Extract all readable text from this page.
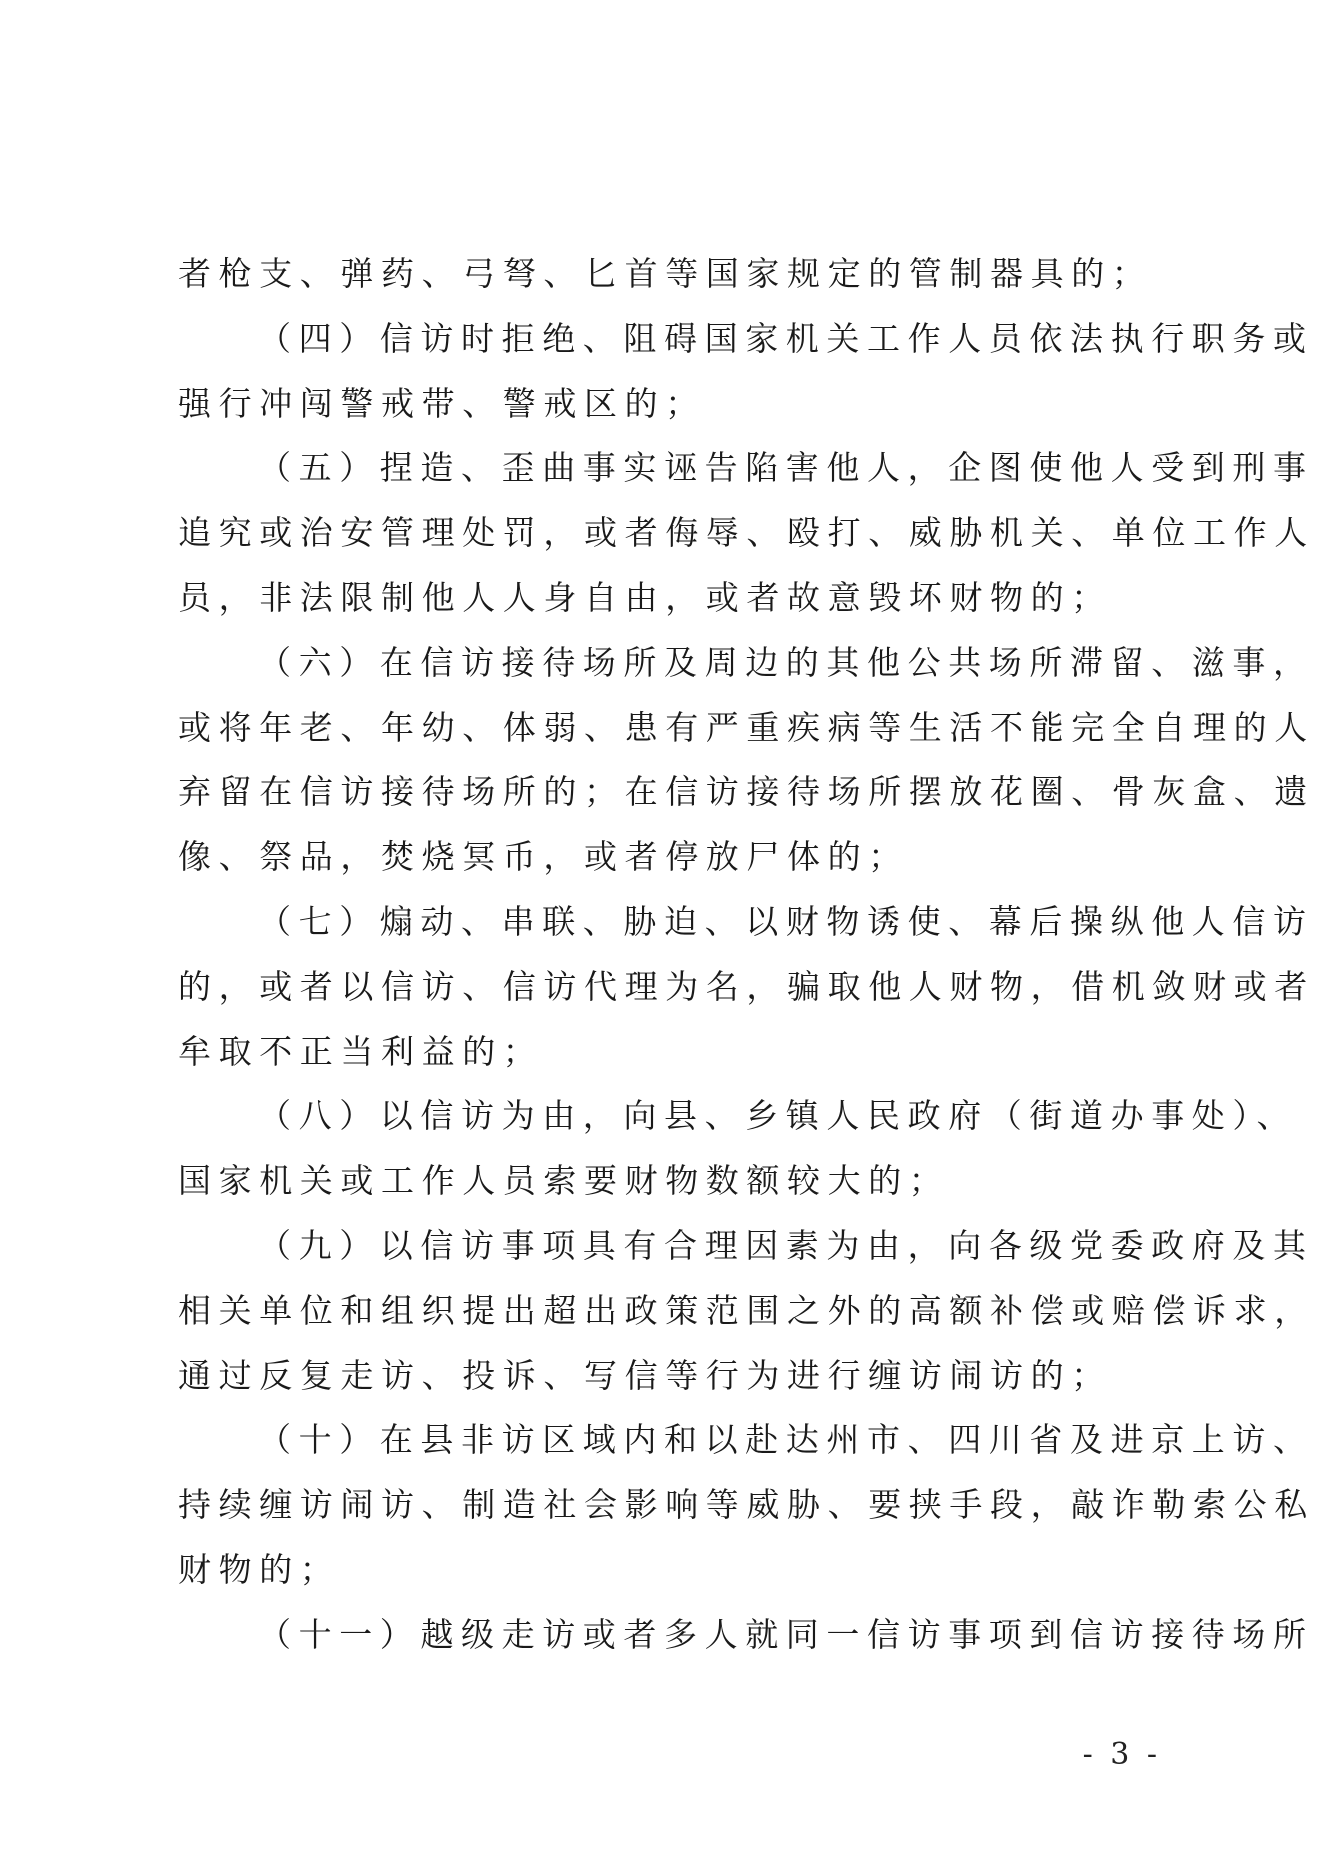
者枪支、弹药、弓弩、匕首等国家规定的管制器具的；
（四）信访时拒绝、阻碍国家机关工作人员依法执行职务或
强行冲闯警戒带、警戒区的；
（五）捏造、歪曲事实诬告陷害他人，企图使他人受到刑事
追究或治安管理处罚，或者侮辱、殴打、威胁机关、单位工作人
员，非法限制他人人身自由，或者故意毁坏财物的；
（六）在信访接待场所及周边的其他公共场所滞留、滋事，
或将年老、年幼、体弱、患有严重疾病等生活不能完全自理的人
弃留在信访接待场所的；在信访接待场所摆放花圈、骨灰盒、遗
像、祭品，焚烧冥币，或者停放尸体的；
（七）煽动、串联、胁迫、以财物诱使、幕后操纵他人信访
的，或者以信访、信访代理为名，骗取他人财物，借机敛财或者
牟取不正当利益的；
（八）以信访为由，向县、乡镇人民政府（街道办事处）、
国家机关或工作人员索要财物数额较大的；
（九）以信访事项具有合理因素为由，向各级党委政府及其
相关单位和组织提出超出政策范围之外的高额补偿或赔偿诉求，
通过反复走访、投诉、写信等行为进行缠访闹访的；
（十）在县非访区域内和以赴达州市、四川省及进京上访、
持续缠访闹访、制造社会影响等威胁、要挟手段，敲诈勒索公私
财物的；
（十一）越级走访或者多人就同一信访事项到信访接待场所
- 3 -
